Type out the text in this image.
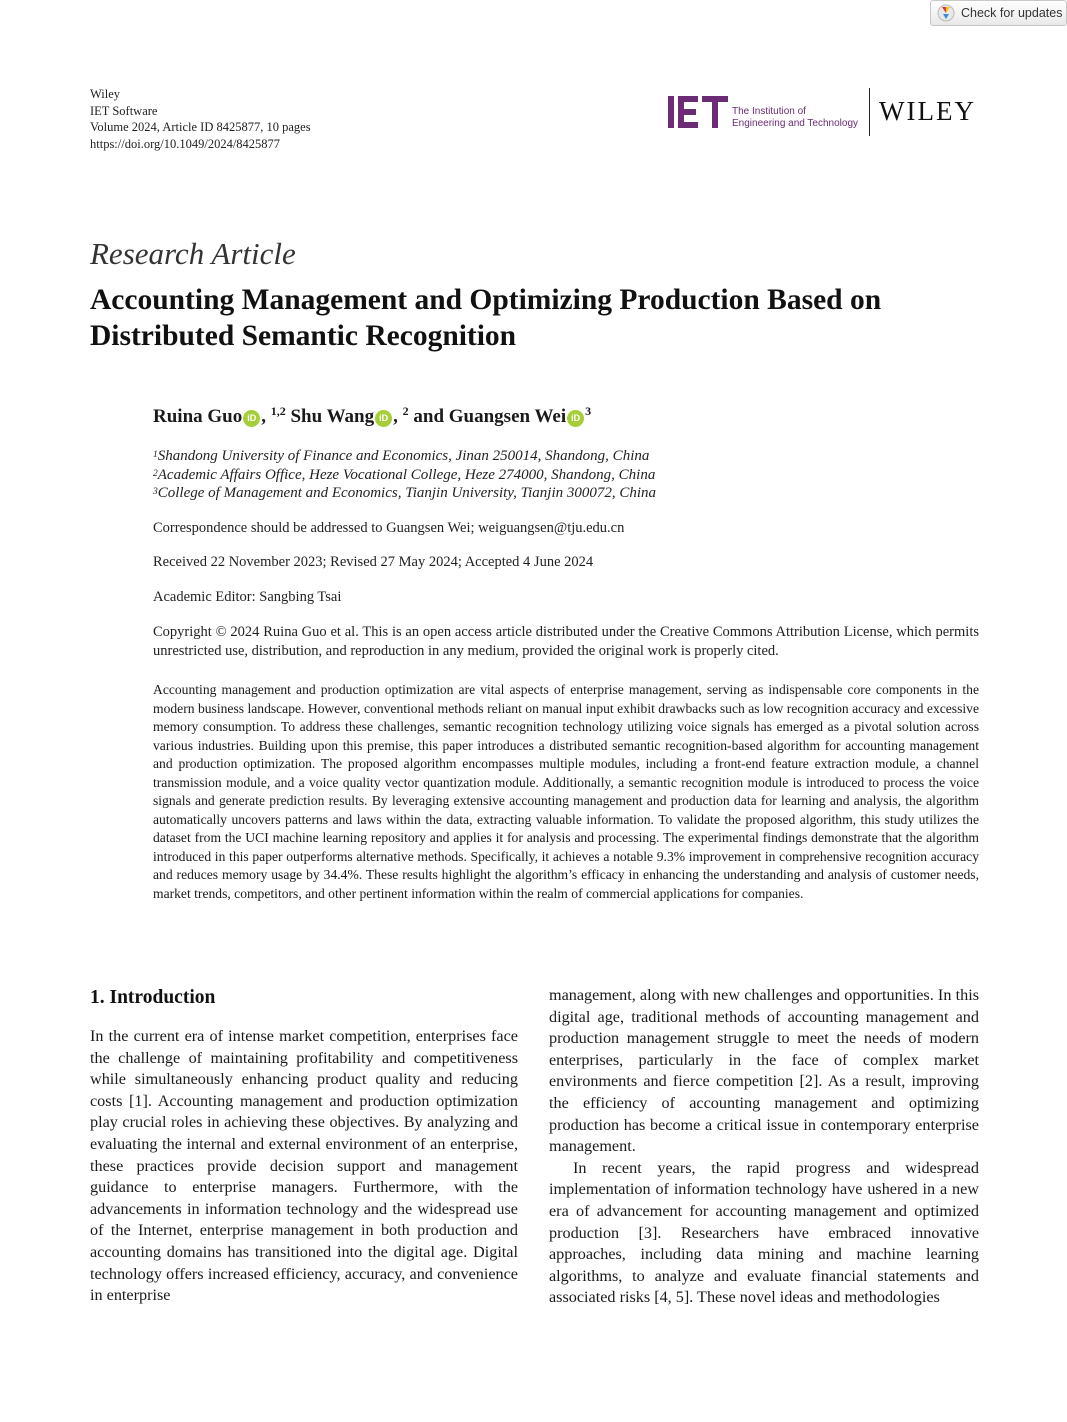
Check for updates
Wiley
IET Software
Volume 2024, Article ID 8425877, 10 pages
https://doi.org/10.1049/2024/8425877
The Institution of
Engineering and Technology WILEY
Research Article
Accounting Management and Optimizing Production Based on Distributed Semantic Recognition
Ruina Guo iD , $^{1,2}$
Shu Wang iD , $^2$ and Guangsen Wei iD $^3$
$^1$Shandong University of Finance and Economics, Jinan 250014, Shandong, China
$^2$Academic Affairs Office, Heze Vocational College, Heze 274000, Shandong, China
$^3$College of Management and Economics, Tianjin University, Tianjin 300072, China
Correspondence should be addressed to Guangsen Wei; weiguangsen@tju.edu.cn
Received 22 November 2023; Revised 27 May 2024; Accepted 4 June 2024
Academic Editor: Sangbing Tsai
Copyright © 2024 Ruina Guo et al. This is an open access article distributed under the Creative Commons Attribution License, which permits unrestricted use, distribution, and reproduction in any medium, provided the original work is properly cited.
Accounting management and production optimization are vital aspects of enterprise management, serving as indispensable core components in the modern business landscape. However, conventional methods reliant on manual input exhibit drawbacks such as low recognition accuracy and excessive memory consumption. To address these challenges, semantic recognition technology utilizing voice signals has emerged as a pivotal solution across various industries. Building upon this premise, this paper introduces a distributed semantic recognition-based algorithm for accounting management and production optimization. The proposed algorithm encompasses multiple modules, including a front-end feature extraction module, a channel transmission module, and a voice quality vector quantization module. Additionally, a semantic recognition module is introduced to process the voice signals and generate prediction results. By leveraging extensive accounting management and production data for learning and analysis, the algorithm automatically uncovers patterns and laws within the data, extracting valuable information. To validate the proposed algorithm, this study utilizes the dataset from the UCI machine learning repository and applies it for analysis and processing. The experimental findings demonstrate that the algorithm introduced in this paper outperforms alternative methods. Specifically, it achieves a notable 9.3% improvement in comprehensive recognition accuracy and reduces memory usage by 34.4%. These results highlight the algorithm’s efficacy in enhancing the understanding and analysis of customer needs, market trends, competitors, and other pertinent information within the realm of commercial applications for companies.
1. Introduction

In the current era of intense market competition, enterprises face the challenge of maintaining profitability and competitiveness while simultaneously enhancing product quality and reducing costs [1]. Accounting management and production optimization play crucial roles in achieving these objectives. By analyzing and evaluating the internal and external environment of an enterprise, these practices provide decision support and management guidance to enterprise managers. Furthermore, with the advancements in information technology and the widespread use of the Internet, enterprise management in both production and accounting domains has transitioned into the digital age. Digital technology offers increased efficiency, accuracy, and convenience in enterprise

management, along with new challenges and opportunities. In this digital age, traditional methods of accounting management and production management struggle to meet the needs of modern enterprises, particularly in the face of complex market environments and fierce competition [2]. As a result, improving the efficiency of accounting management and optimizing production has become a critical issue in contemporary enterprise management.

In recent years, the rapid progress and widespread implementation of information technology have ushered in a new era of advancement for accounting management and optimized production [3]. Researchers have embraced innovative approaches, including data mining and machine learning algorithms, to analyze and evaluate financial statements and associated risks [4, 5]. These novel ideas and methodologies
